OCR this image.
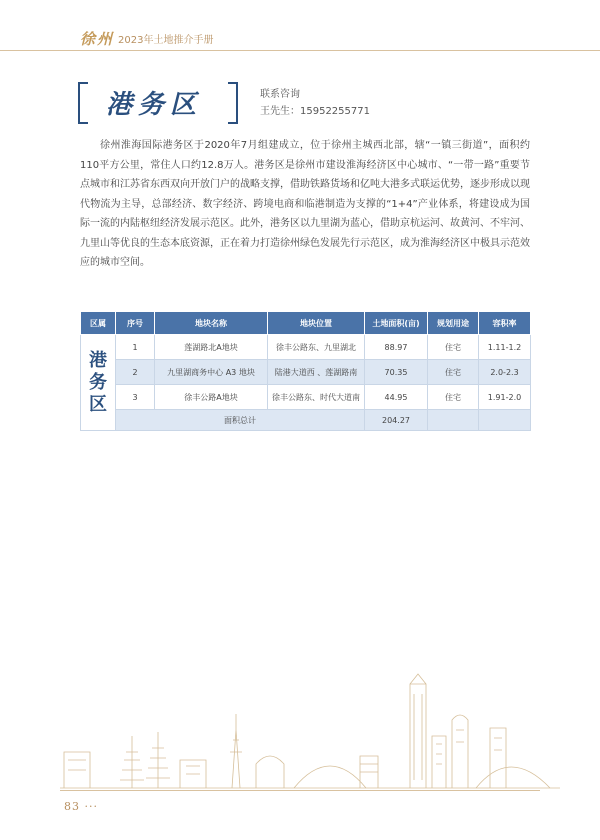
徐州 2023年土地推介手册
港务区	联系咨询
王先生：15952255771

徐州淮海国际港务区于2020年7月组建成立，位于徐州主城西北部，辖“一镇三街道”，面积约110平方公里，常住人口约12.8万人。港务区是徐州市建设淮海经济区中心城市、“一带一路”重要节点城市和江苏省东西双向开放门户的战略支撑，借助铁路货场和亿吨大港多式联运优势，逐步形成以现代物流为主导，总部经济、数字经济、跨境电商和临港制造为支撑的“1+4”产业体系，将建设成为国际一流的内陆枢纽经济发展示范区。此外，港务区以九里湖为蓝心，借助京杭运河、故黄河、不牢河、九里山等优良的生态本底资源，正在着力打造徐州绿色发展先行示范区，成为淮海经济区中极具示范效应的城市空间。

区属	序号	地块名称	地块位置	土地面积(亩)	规划用途	容积率

港务区	1	莲湖路北A地块	徐丰公路东、九里湖北	88.97	住宅	1.11-1.2
	2	九里湖商务中心 A3 地块	陆港大道西 、莲湖路南	70.35	住宅	2.0-2.3
	3	徐丰公路A地块	徐丰公路东、时代大道南	44.95	住宅	1.91-2.0
	面积总计			204.27		
83 ···
